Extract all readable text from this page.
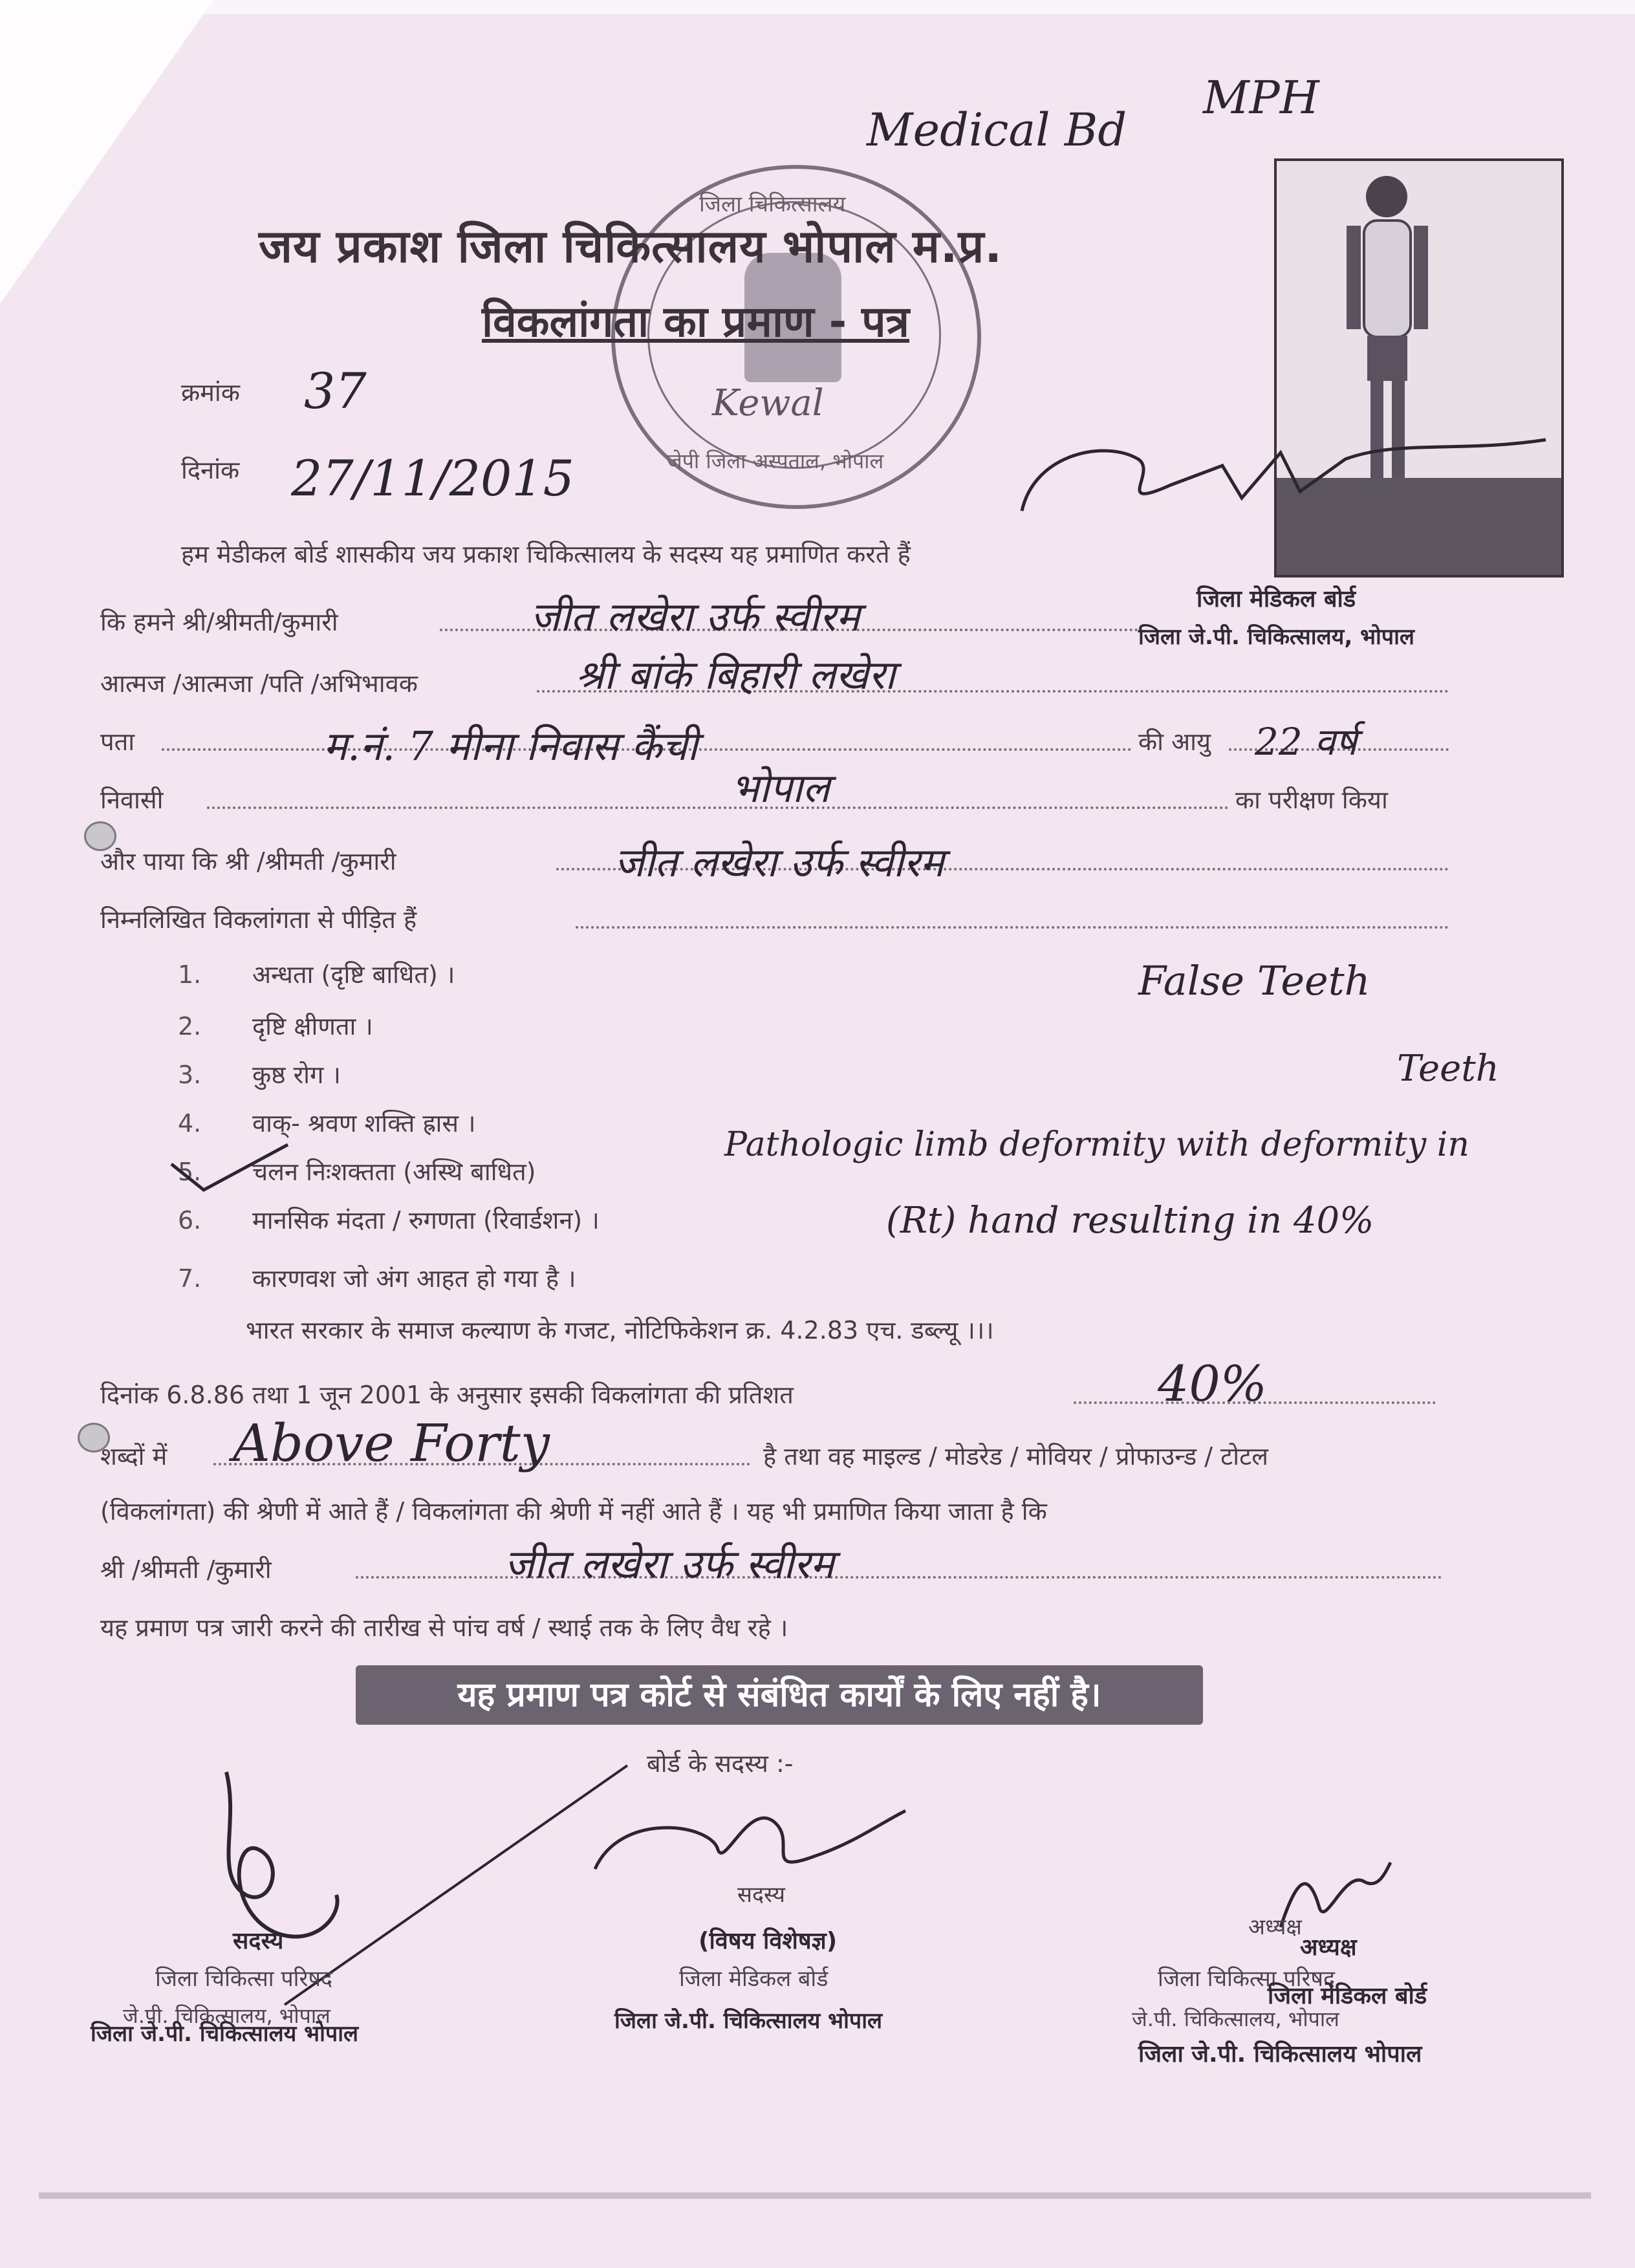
Medical Bd
MPH
जिला चिकित्सालय
जेपी जिला अस्पताल, भोपाल
Kewal
जय प्रकाश जिला चिकित्सालय भोपाल म.प्र.
विकलांगता का प्रमाण - पत्र
क्रमांक 37
दिनांक 27/11/2015
जिला मेडिकल बोर्ड
जिला जे.पी. चिकित्सालय, भोपाल
हम मेडीकल बोर्ड शासकीय जय प्रकाश चिकित्सालय के सदस्य यह प्रमाणित करते हैं
कि हमने श्री/श्रीमती/कुमारी	जीत लखेरा उर्फ स्वीरम
आत्मज /आत्मजा /पति /अभिभावक	श्री बांके बिहारी लखेरा
पता	म.नं. 7 मीना निवास कैंची	की आयु 22 वर्ष
निवासी	भोपाल	का परीक्षण किया
और पाया कि श्री /श्रीमती /कुमारी	जीत लखेरा उर्फ स्वीरम
निम्नलिखित विकलांगता से पीड़ित हैं
1. अन्धता (दृष्टि बाधित) ।
2. दृष्टि क्षीणता ।
3. कुष्ठ रोग ।
4. वाक्- श्रवण शक्ति ह्रास ।
5. चलन निःशक्तता (अस्थि बाधित)
6. मानसिक मंदता / रुगणता (रिवार्डशन) ।
7. कारणवश जो अंग आहत हो गया है ।
False Teeth
Teeth
Pathologic limb deformity with deformity in
(Rt) hand resulting in 40%
भारत सरकार के समाज कल्याण के गजट, नोटिफिकेशन क्र. 4.2.83 एच. डब्ल्यू ।।।
दिनांक 6.8.86 तथा 1 जून 2001 के अनुसार इसकी विकलांगता की प्रतिशत	40%
शब्दों में Above Forty	है तथा वह माइल्ड / मोडरेड / मोवियर / प्रोफाउन्ड / टोटल
(विकलांगता) की श्रेणी में आते हैं / विकलांगता की श्रेणी में नहीं आते हैं । यह भी प्रमाणित किया जाता है कि
श्री /श्रीमती /कुमारी	जीत लखेरा उर्फ स्वीरम
यह प्रमाण पत्र जारी करने की तारीख से पांच वर्ष / स्थाई तक के लिए वैध रहे ।
यह प्रमाण पत्र कोर्ट से संबंधित कार्यों के लिए नहीं है।
बोर्ड के सदस्य :-
सदस्य
जिला चिकित्सा परिषद
जे.पी. चिकित्सालय, भोपाल
जिला जे.पी. चिकित्सालय भोपाल
सदस्य
(विषय विशेषज्ञ)
जिला मेडिकल बोर्ड
जिला जे.पी. चिकित्सालय भोपाल
अध्यक्ष
अध्यक्ष
जिला चिकित्सा परिषद
जिला मेडिकल बोर्ड
जे.पी. चिकित्सालय, भोपाल
जिला जे.पी. चिकित्सालय भोपाल
